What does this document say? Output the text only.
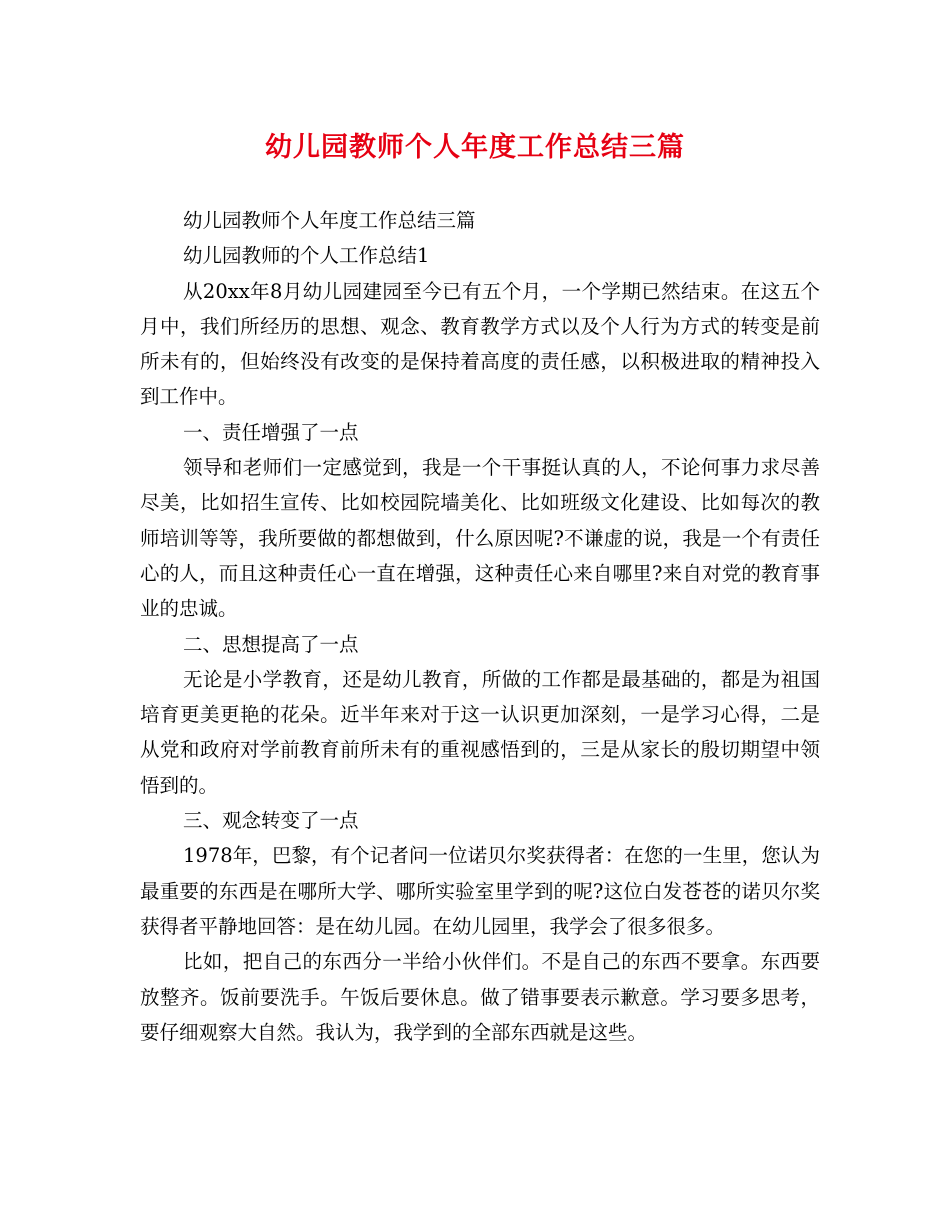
幼儿园教师个人年度工作总结三篇

幼儿园教师个人年度工作总结三篇

幼儿园教师的个人工作总结1

从20xx年8月幼儿园建园至今已有五个月，一个学期已然结束。在这五个月中，我们所经历的思想、观念、教育教学方式以及个人行为方式的转变是前所未有的，但始终没有改变的是保持着高度的责任感，以积极进取的精神投入到工作中。

一、责任增强了一点

领导和老师们一定感觉到，我是一个干事挺认真的人，不论何事力求尽善尽美，比如招生宣传、比如校园院墙美化、比如班级文化建设、比如每次的教师培训等等，我所要做的都想做到，什么原因呢?不谦虚的说，我是一个有责任心的人，而且这种责任心一直在增强，这种责任心来自哪里?来自对党的教育事业的忠诚。

二、思想提高了一点

无论是小学教育，还是幼儿教育，所做的工作都是最基础的，都是为祖国培育更美更艳的花朵。近半年来对于这一认识更加深刻，一是学习心得，二是从党和政府对学前教育前所未有的重视感悟到的，三是从家长的殷切期望中领悟到的。

三、观念转变了一点

1978年，巴黎，有个记者问一位诺贝尔奖获得者：在您的一生里，您认为最重要的东西是在哪所大学、哪所实验室里学到的呢?这位白发苍苍的诺贝尔奖获得者平静地回答：是在幼儿园。在幼儿园里，我学会了很多很多。

比如，把自己的东西分一半给小伙伴们。不是自己的东西不要拿。东西要放整齐。饭前要洗手。午饭后要休息。做了错事要表示歉意。学习要多思考，要仔细观察大自然。我认为，我学到的全部东西就是这些。
